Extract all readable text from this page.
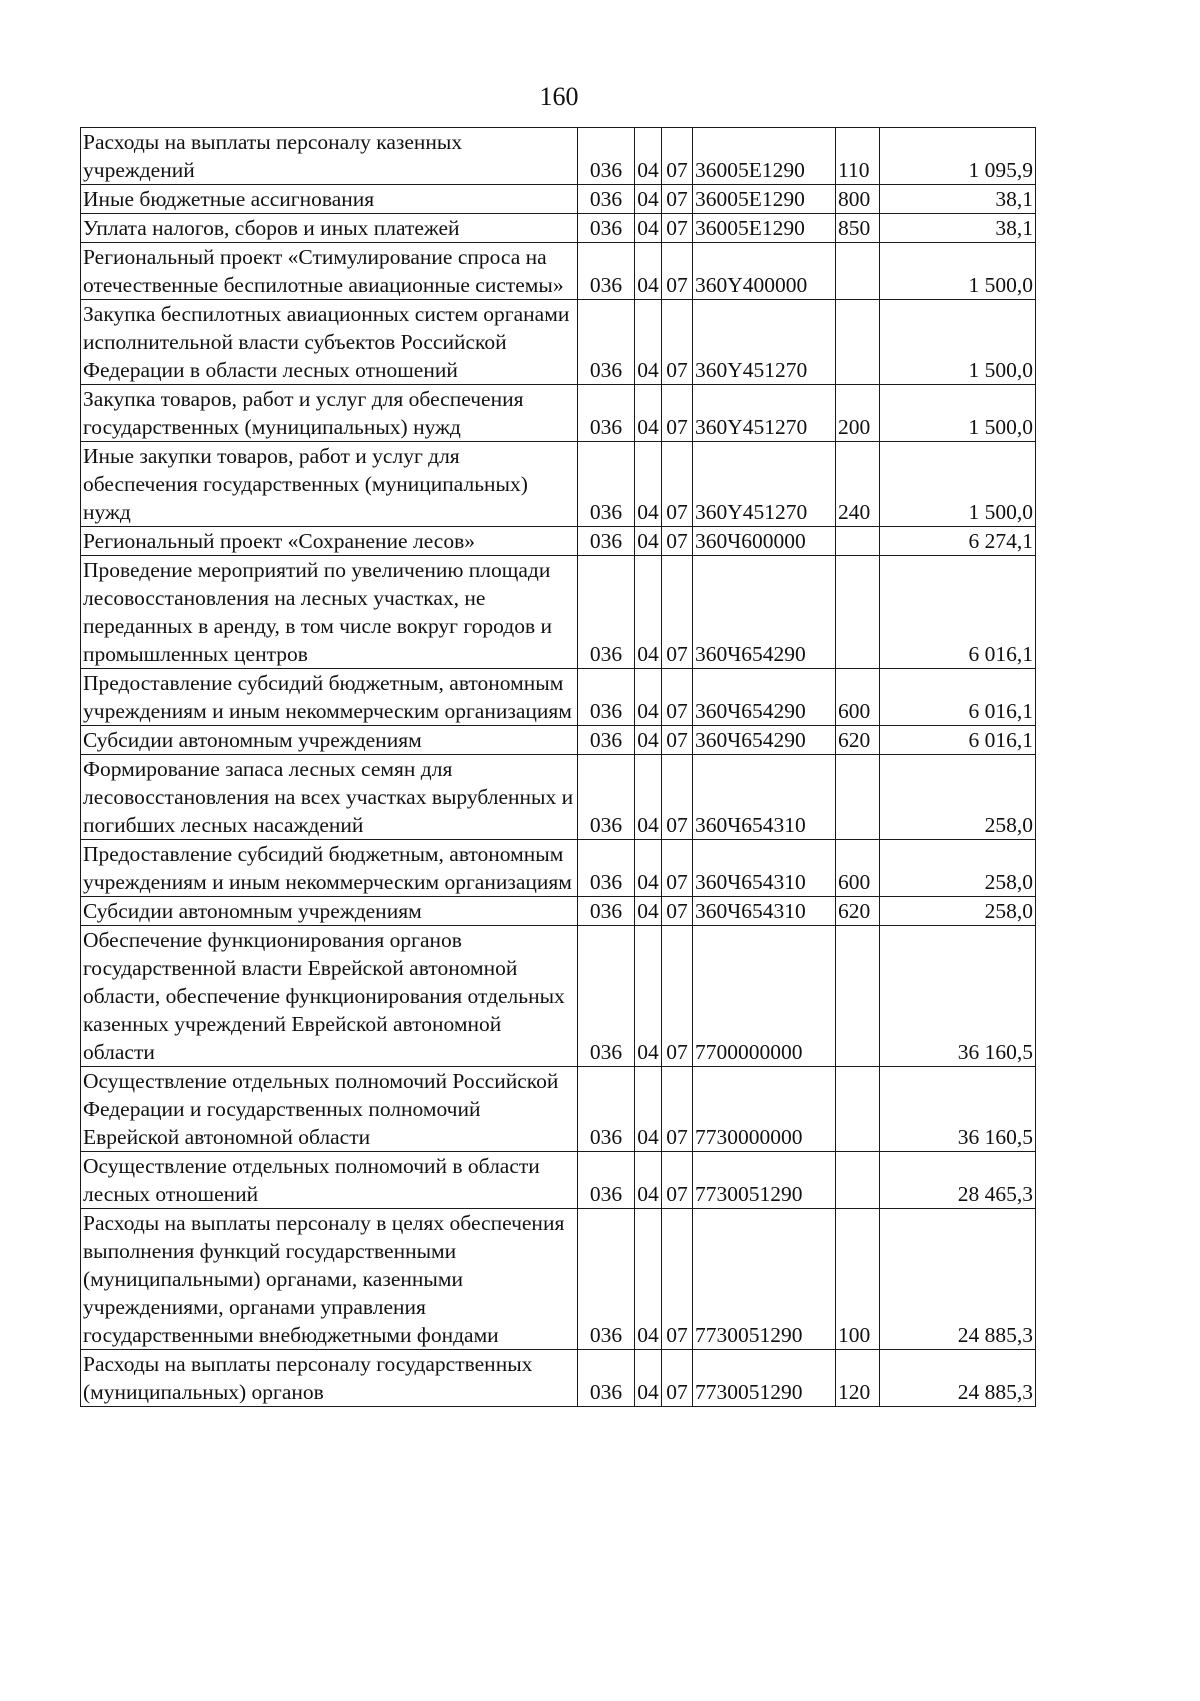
160
Расходы на выплаты персоналу казенных учреждений	036	04	07	36005E1290	110	1 095,9
Иные бюджетные ассигнования	036	04	07	36005E1290	800	38,1
Уплата налогов, сборов и иных платежей	036	04	07	36005E1290	850	38,1
Региональный проект «Стимулирование спроса на отечественные беспилотные авиационные системы»	036	04	07	360Y400000		1 500,0
Закупка беспилотных авиационных систем органами исполнительной власти субъектов Российской Федерации в области лесных отношений	036	04	07	360Y451270		1 500,0
Закупка товаров, работ и услуг для обеспечения государственных (муниципальных) нужд	036	04	07	360Y451270	200	1 500,0
Иные закупки товаров, работ и услуг для обеспечения государственных (муниципальных) нужд	036	04	07	360Y451270	240	1 500,0
Региональный проект «Сохранение лесов»	036	04	07	360Ч600000		6 274,1
Проведение мероприятий по увеличению площади лесовосстановления на лесных участках, не переданных в аренду, в том числе вокруг городов и промышленных центров	036	04	07	360Ч654290		6 016,1
Предоставление субсидий бюджетным, автономным учреждениям и иным некоммерческим организациям	036	04	07	360Ч654290	600	6 016,1
Субсидии автономным учреждениям	036	04	07	360Ч654290	620	6 016,1
Формирование запаса лесных семян для лесовосстановления на всех участках вырубленных и погибших лесных насаждений	036	04	07	360Ч654310		258,0
Предоставление субсидий бюджетным, автономным учреждениям и иным некоммерческим организациям	036	04	07	360Ч654310	600	258,0
Субсидии автономным учреждениям	036	04	07	360Ч654310	620	258,0
Обеспечение функционирования органов государственной власти Еврейской автономной области, обеспечение функционирования отдельных казенных учреждений Еврейской автономной области	036	04	07	7700000000		36 160,5
Осуществление отдельных полномочий Российской Федерации и государственных полномочий Еврейской автономной области	036	04	07	7730000000		36 160,5
Осуществление отдельных полномочий в области лесных отношений	036	04	07	7730051290		28 465,3
Расходы на выплаты персоналу в целях обеспечения выполнения функций государственными (муниципальными) органами, казенными учреждениями, органами управления государственными внебюджетными фондами	036	04	07	7730051290	100	24 885,3
Расходы на выплаты персоналу государственных (муниципальных) органов	036	04	07	7730051290	120	24 885,3
